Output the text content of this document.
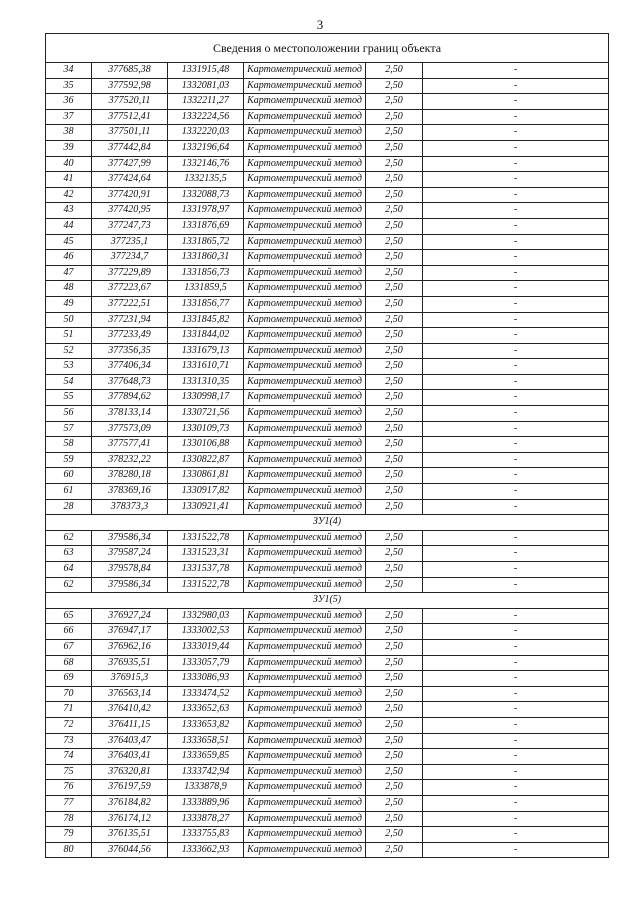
3
Сведения о местоположении границ объекта					
34	377685,38	1331915,48	Картометрический метод	2,50	-
35	377592,98	1332081,03	Картометрический метод	2,50	-
36	377520,11	1332211,27	Картометрический метод	2,50	-
37	377512,41	1332224,56	Картометрический метод	2,50	-
38	377501,11	1332220,03	Картометрический метод	2,50	-
39	377442,84	1332196,64	Картометрический метод	2,50	-
40	377427,99	1332146,76	Картометрический метод	2,50	-
41	377424,64	1332135,5	Картометрический метод	2,50	-
42	377420,91	1332088,73	Картометрический метод	2,50	-
43	377420,95	1331978,97	Картометрический метод	2,50	-
44	377247,73	1331876,69	Картометрический метод	2,50	-
45	377235,1	1331865,72	Картометрический метод	2,50	-
46	377234,7	1331860,31	Картометрический метод	2,50	-
47	377229,89	1331856,73	Картометрический метод	2,50	-
48	377223,67	1331859,5	Картометрический метод	2,50	-
49	377222,51	1331856,77	Картометрический метод	2,50	-
50	377231,94	1331845,82	Картометрический метод	2,50	-
51	377233,49	1331844,02	Картометрический метод	2,50	-
52	377356,35	1331679,13	Картометрический метод	2,50	-
53	377406,34	1331610,71	Картометрический метод	2,50	-
54	377648,73	1331310,35	Картометрический метод	2,50	-
55	377894,62	1330998,17	Картометрический метод	2,50	-
56	378133,14	1330721,56	Картометрический метод	2,50	-
57	377573,09	1330109,73	Картометрический метод	2,50	-
58	377577,41	1330106,88	Картометрический метод	2,50	-
59	378232,22	1330822,87	Картометрический метод	2,50	-
60	378280,18	1330861,81	Картометрический метод	2,50	-
61	378369,16	1330917,82	Картометрический метод	2,50	-
28	378373,3	1330921,41	Картометрический метод	2,50	-
ЗУ1(4)					
62	379586,34	1331522,78	Картометрический метод	2,50	-
63	379587,24	1331523,31	Картометрический метод	2,50	-
64	379578,84	1331537,78	Картометрический метод	2,50	-
62	379586,34	1331522,78	Картометрический метод	2,50	-
ЗУ1(5)					
65	376927,24	1332980,03	Картометрический метод	2,50	-
66	376947,17	1333002,53	Картометрический метод	2,50	-
67	376962,16	1333019,44	Картометрический метод	2,50	-
68	376935,51	1333057,79	Картометрический метод	2,50	-
69	376915,3	1333086,93	Картометрический метод	2,50	-
70	376563,14	1333474,52	Картометрический метод	2,50	-
71	376410,42	1333652,63	Картометрический метод	2,50	-
72	376411,15	1333653,82	Картометрический метод	2,50	-
73	376403,47	1333658,51	Картометрический метод	2,50	-
74	376403,41	1333659,85	Картометрический метод	2,50	-
75	376320,81	1333742,94	Картометрический метод	2,50	-
76	376197,59	1333878,9	Картометрический метод	2,50	-
77	376184,82	1333889,96	Картометрический метод	2,50	-
78	376174,12	1333878,27	Картометрический метод	2,50	-
79	376135,51	1333755,83	Картометрический метод	2,50	-
80	376044,56	1333662,93	Картометрический метод	2,50	-
